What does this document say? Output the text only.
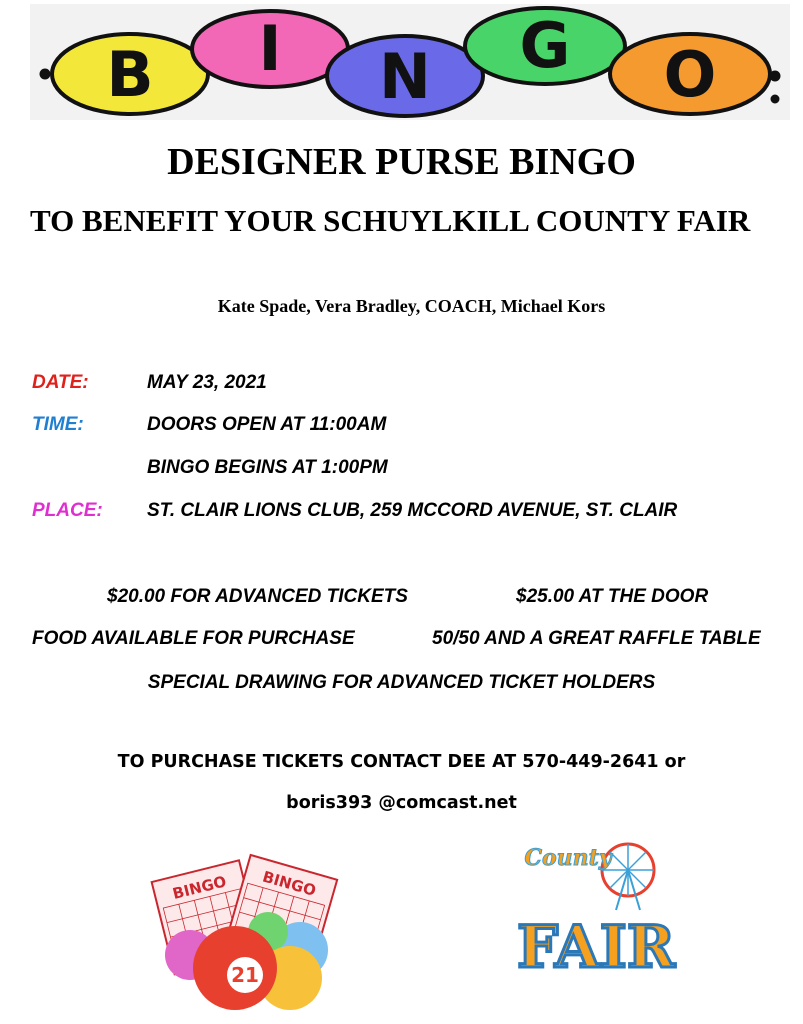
B I N G O
DESIGNER PURSE BINGO
TO BENEFIT YOUR SCHUYLKILL COUNTY FAIR
Kate Spade, Vera Bradley, COACH, Michael Kors
DATE:	MAY 23, 2021
TIME:	DOORS OPEN AT 11:00AM
BINGO BEGINS AT 1:00PM
PLACE: ST. CLAIR LIONS CLUB, 259 MCCORD AVENUE, ST. CLAIR
$20.00 FOR ADVANCED TICKETS	$25.00 AT THE DOOR
FOOD AVAILABLE FOR PURCHASE	50/50 AND A GREAT RAFFLE TABLE
SPECIAL DRAWING FOR ADVANCED TICKET HOLDERS
TO PURCHASE TICKETS CONTACT DEE AT 570-449-2641 or
boris393 @comcast.net
BINGO BINGO
21
County
FAIR
